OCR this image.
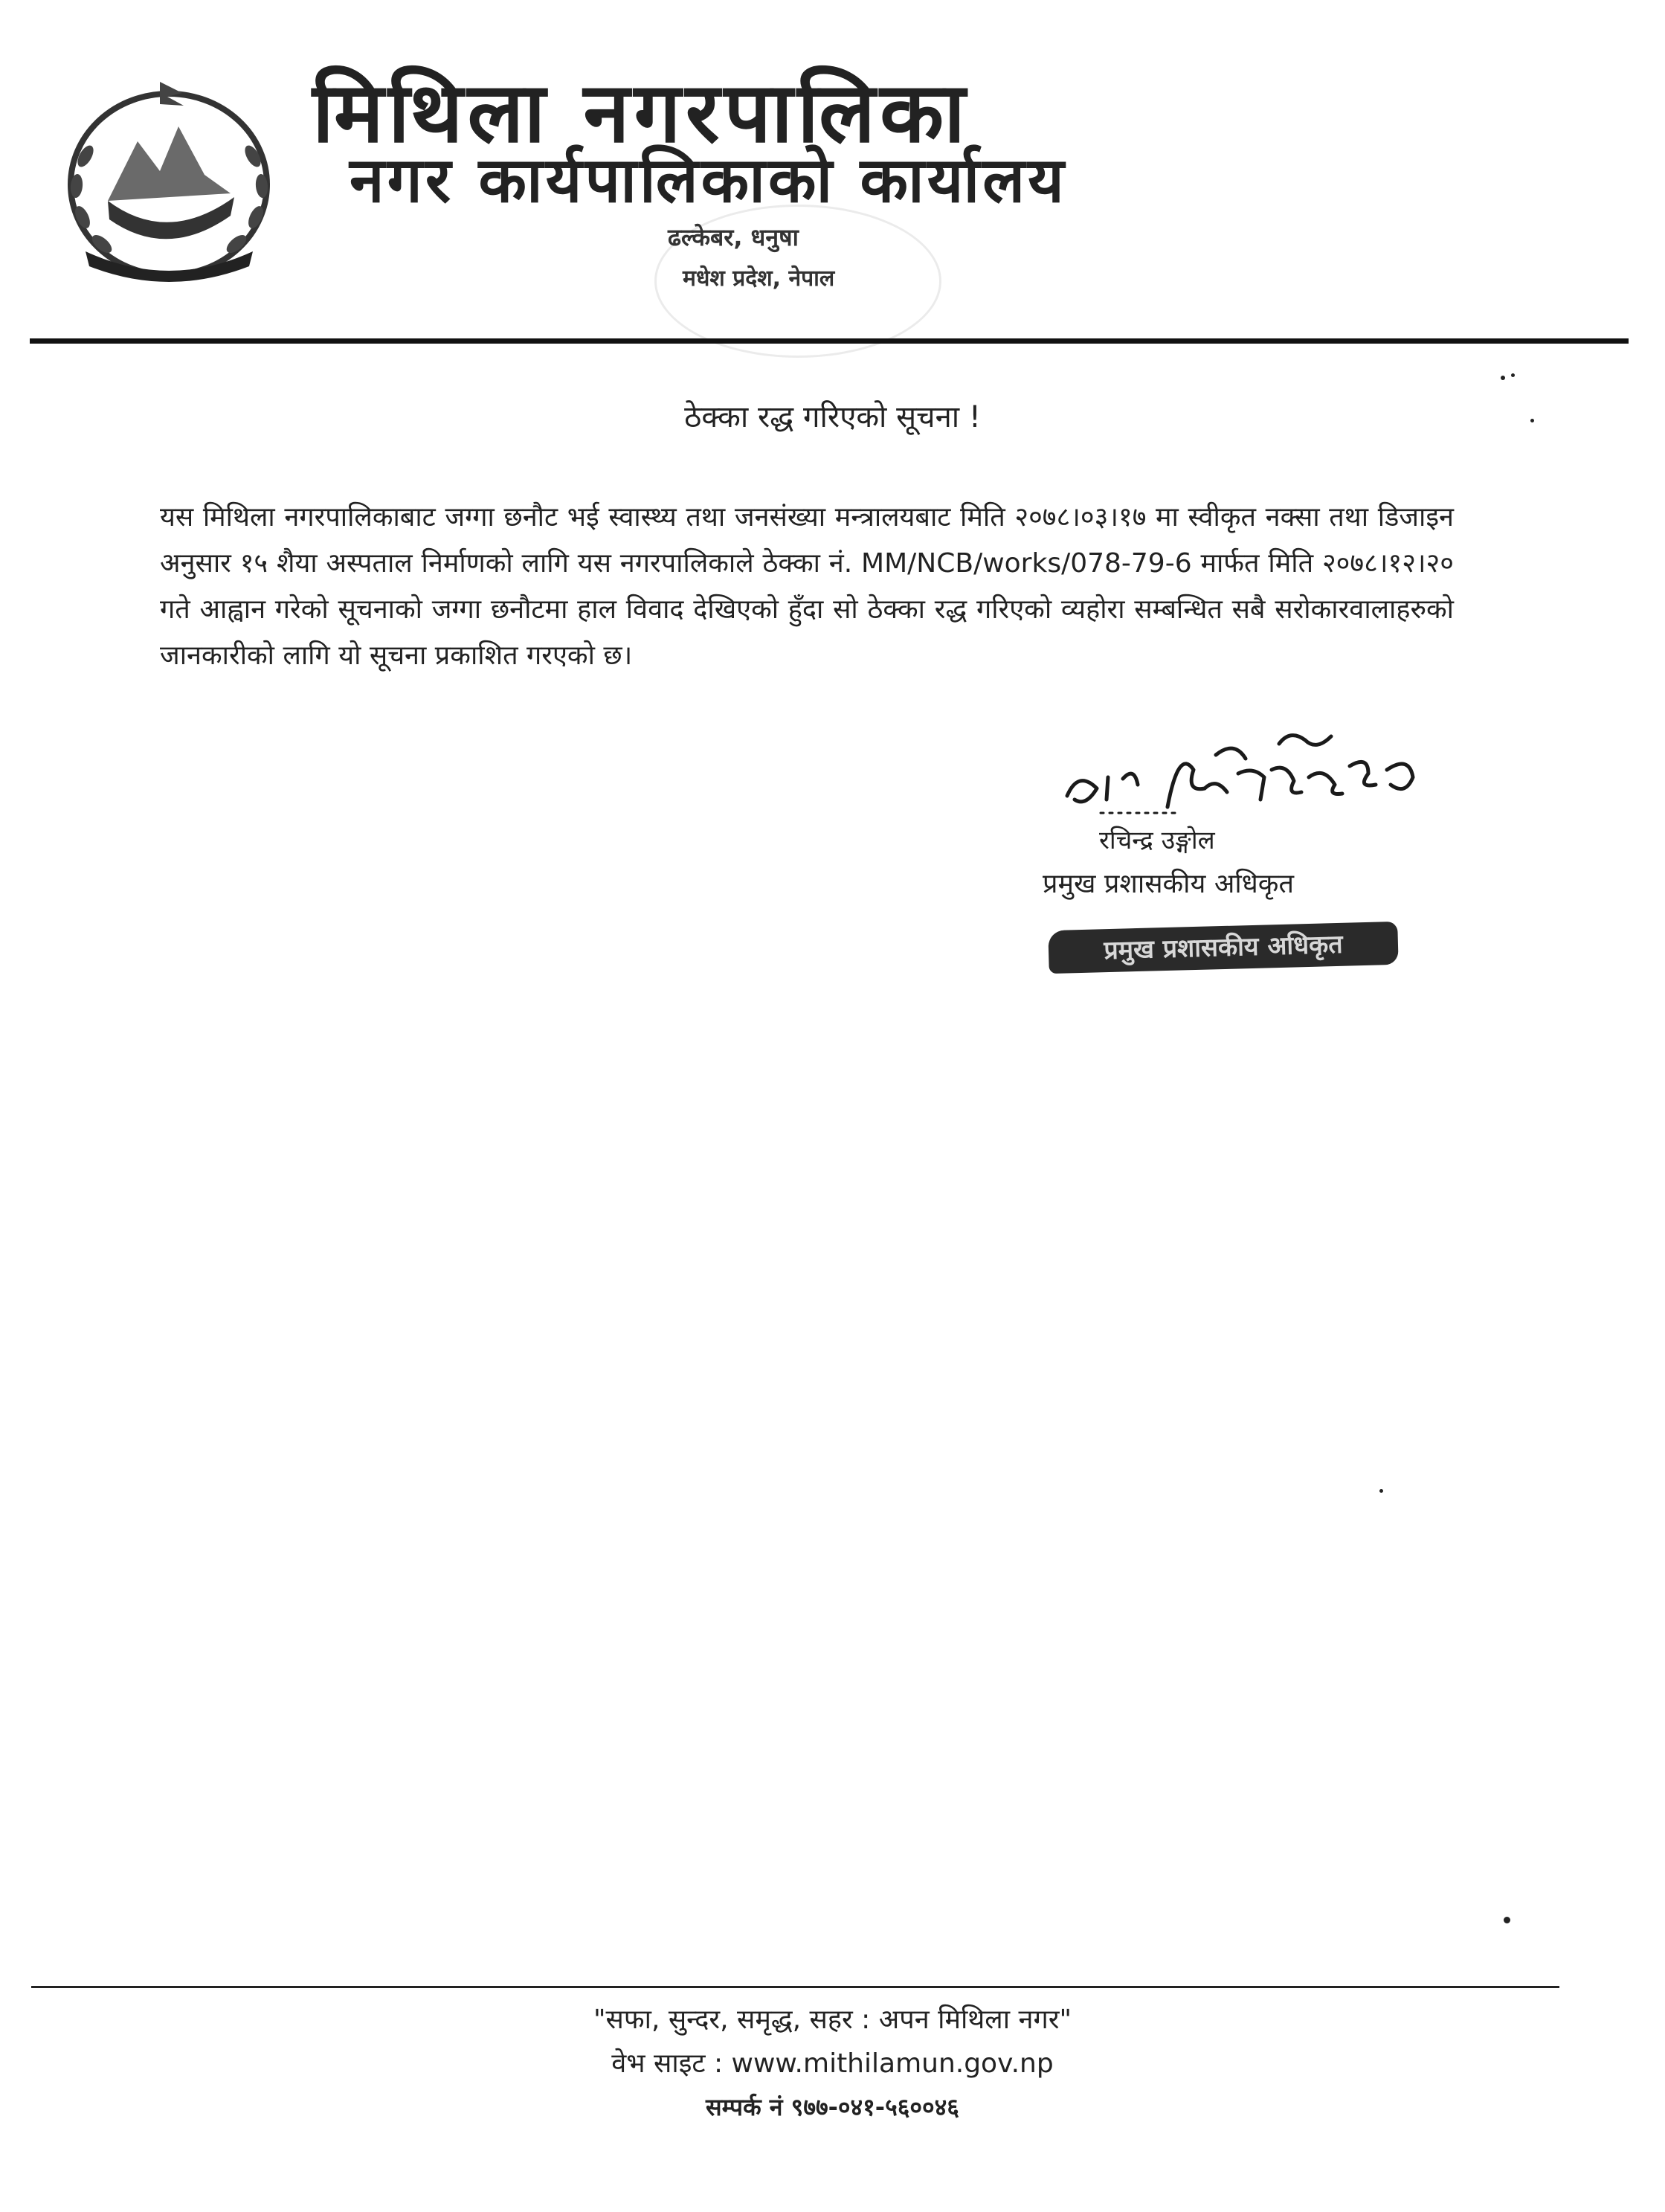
मिथिला नगरपालिका
नगर कार्यपालिकाको कार्यालय
ढल्केबर, धनुषा
मधेश प्रदेश, नेपाल
ठेक्का रद्ध गरिएको सूचना !
यस मिथिला नगरपालिकाबाट जग्गा छनौट भई स्वास्थ्य तथा जनसंख्या मन्त्रालयबाट मिति २०७८।०३।१७ मा स्वीकृत नक्सा तथा डिजाइन अनुसार १५ शैया अस्पताल निर्माणको लागि यस नगरपालिकाले ठेक्का नं. MM/NCB/works/078-79-6 मार्फत मिति २०७८।१२।२० गते आह्वान गरेको सूचनाको जग्गा छनौटमा हाल विवाद देखिएको हुँदा सो ठेक्का रद्ध गरिएको व्यहोरा सम्बन्धित सबै सरोकारवालाहरुको जानकारीको लागि यो सूचना प्रकाशित गरएको छ।
रचिन्द्र उङ्गोल
प्रमुख प्रशासकीय अधिकृत
प्रमुख प्रशासकीय अधिकृत
"सफा, सुन्दर, समृद्ध, सहर : अपन मिथिला नगर"
वेभ साइट : www.mithilamun.gov.np
सम्पर्क नं ९७७-०४१-५६००४६
